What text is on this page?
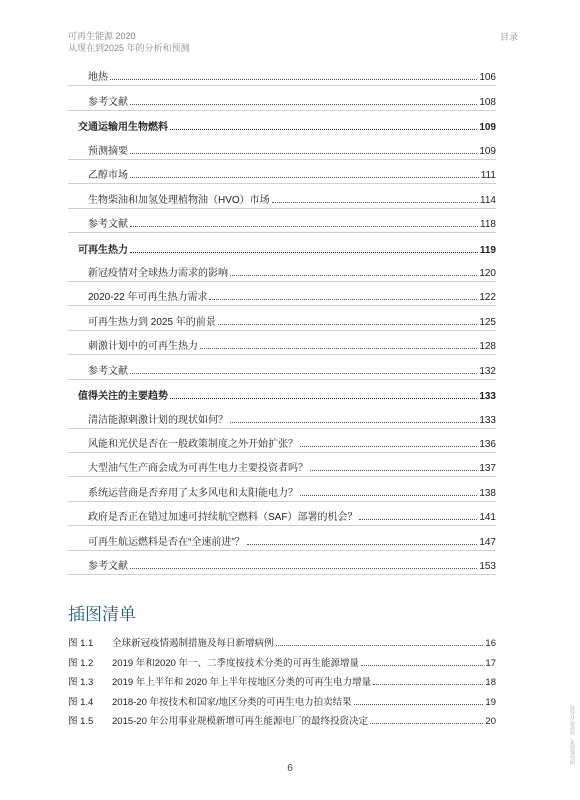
可再生能源 2020
从现在到2025 年的分析和预测
目录
地热	106
参考文献	108
交通运输用生物燃料	109
预测摘要	109
乙醇市场	111
生物柴油和加氢处理植物油（HVO）市场	114
参考文献	118
可再生热力	119
新冠疫情对全球热力需求的影响	120
2020-22 年可再生热力需求	122
可再生热力到 2025 年的前景	125
刺激计划中的可再生热力	128
参考文献	132
值得关注的主要趋势	133
清洁能源刺激计划的现状如何？	133
风能和光伏是否在一般政策制度之外开始扩张？	136
大型油气生产商会成为可再生电力主要投资者吗？	137
系统运营商是否弃用了太多风电和太阳能电力？	138
政府是否正在错过加速可持续航空燃料（SAF）部署的机会？	141
可再生航运燃料是否在“全速前进”？	147
参考文献	153
插图清单
图 1.1	全球新冠疫情遏制措施及每日新增病例	16
图 1.2	2019 年和2020 年一、二季度按技术分类的可再生能源增量	17
图 1.3	2019 年上半年和 2020 年上半年按地区分类的可再生电力增量	18
图 1.4	2018-20 年按技术和国家/地区分类的可再生电力拍卖结果	19
图 1.5	2015-20 年公用事业规模新增可再生能源电厂的最终投资决定	20
6
国际能源署。保留所有权利。
